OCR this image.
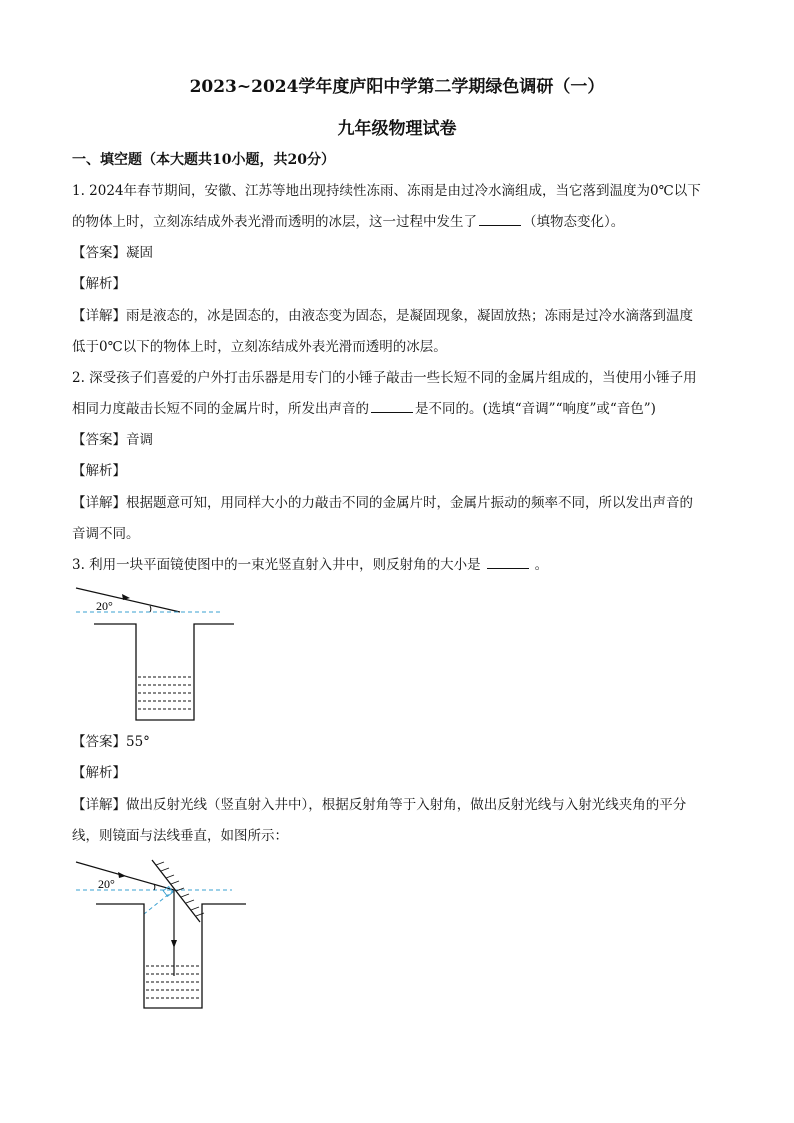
2023~2024学年度庐阳中学第二学期绿色调研（一）
九年级物理试卷
一、填空题（本大题共10小题，共20分）
1. 2024年春节期间，安徽、江苏等地出现持续性冻雨、冻雨是由过冷水滴组成，当它落到温度为0℃以下
的物体上时，立刻冻结成外表光滑而透明的冰层，这一过程中发生了	（填物态变化）。
【答案】凝固
【解析】
【详解】雨是液态的，冰是固态的，由液态变为固态，是凝固现象，凝固放热；冻雨是过冷水滴落到温度
低于0℃以下的物体上时，立刻冻结成外表光滑而透明的冰层。
2. 深受孩子们喜爱的户外打击乐器是用专门的小锤子敲击一些长短不同的金属片组成的，当使用小锤子用
相同力度敲击长短不同的金属片时，所发出声音的	是不同的。(选填“音调”“响度”或“音色”)
【答案】音调
【解析】
【详解】根据题意可知，用同样大小的力敲击不同的金属片时，金属片振动的频率不同，所以发出声音的
音调不同。
3. 利用一块平面镜使图中的一束光竖直射入井中，则反射角的大小是	。
20°
【答案】55°
【解析】
【详解】做出反射光线（竖直射入井中），根据反射角等于入射角，做出反射光线与入射光线夹角的平分
线，则镜面与法线垂直，如图所示：
20°
